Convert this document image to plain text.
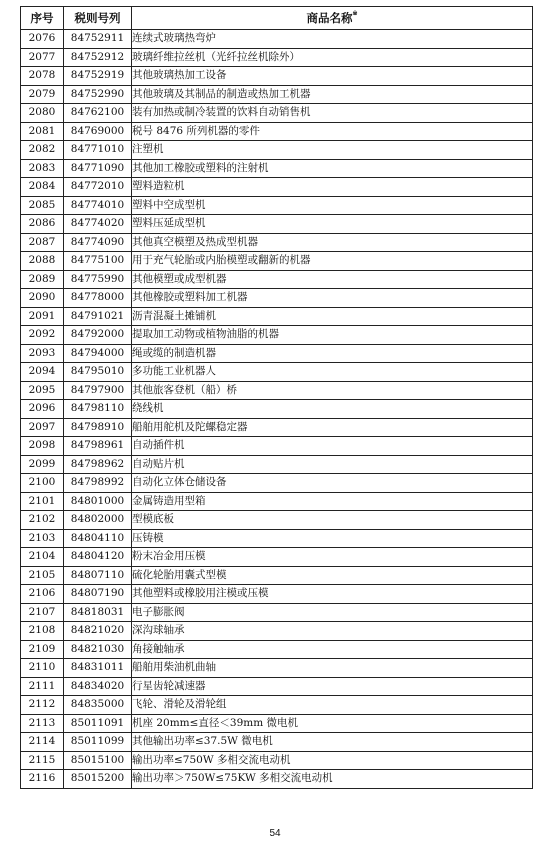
序号	税则号列	商品名称※
2076	84752911	连续式玻璃热弯炉
2077	84752912	玻璃纤维拉丝机（光纤拉丝机除外）
2078	84752919	其他玻璃热加工设备
2079	84752990	其他玻璃及其制品的制造或热加工机器
2080	84762100	装有加热或制冷装置的饮料自动销售机
2081	84769000	税号 8476 所列机器的零件
2082	84771010	注塑机
2083	84771090	其他加工橡胶或塑料的注射机
2084	84772010	塑料造粒机
2085	84774010	塑料中空成型机
2086	84774020	塑料压延成型机
2087	84774090	其他真空模塑及热成型机器
2088	84775100	用于充气轮胎或内胎模塑或翻新的机器
2089	84775990	其他模塑或成型机器
2090	84778000	其他橡胶或塑料加工机器
2091	84791021	沥青混凝土摊铺机
2092	84792000	提取加工动物或植物油脂的机器
2093	84794000	绳或缆的制造机器
2094	84795010	多功能工业机器人
2095	84797900	其他旅客登机（船）桥
2096	84798110	绕线机
2097	84798910	船舶用舵机及陀螺稳定器
2098	84798961	自动插件机
2099	84798962	自动贴片机
2100	84798992	自动化立体仓储设备
2101	84801000	金属铸造用型箱
2102	84802000	型模底板
2103	84804110	压铸模
2104	84804120	粉末冶金用压模
2105	84807110	硫化轮胎用囊式型模
2106	84807190	其他塑料或橡胶用注模或压模
2107	84818031	电子膨胀阀
2108	84821020	深沟球轴承
2109	84821030	角接触轴承
2110	84831011	船舶用柴油机曲轴
2111	84834020	行星齿轮减速器
2112	84835000	飞轮、滑轮及滑轮组
2113	85011091	机座 20mm≤直径＜39mm 微电机
2114	85011099	其他输出功率≤37.5W 微电机
2115	85015100	输出功率≤750W 多相交流电动机
2116	85015200	输出功率＞750W≤75KW 多相交流电动机
54
